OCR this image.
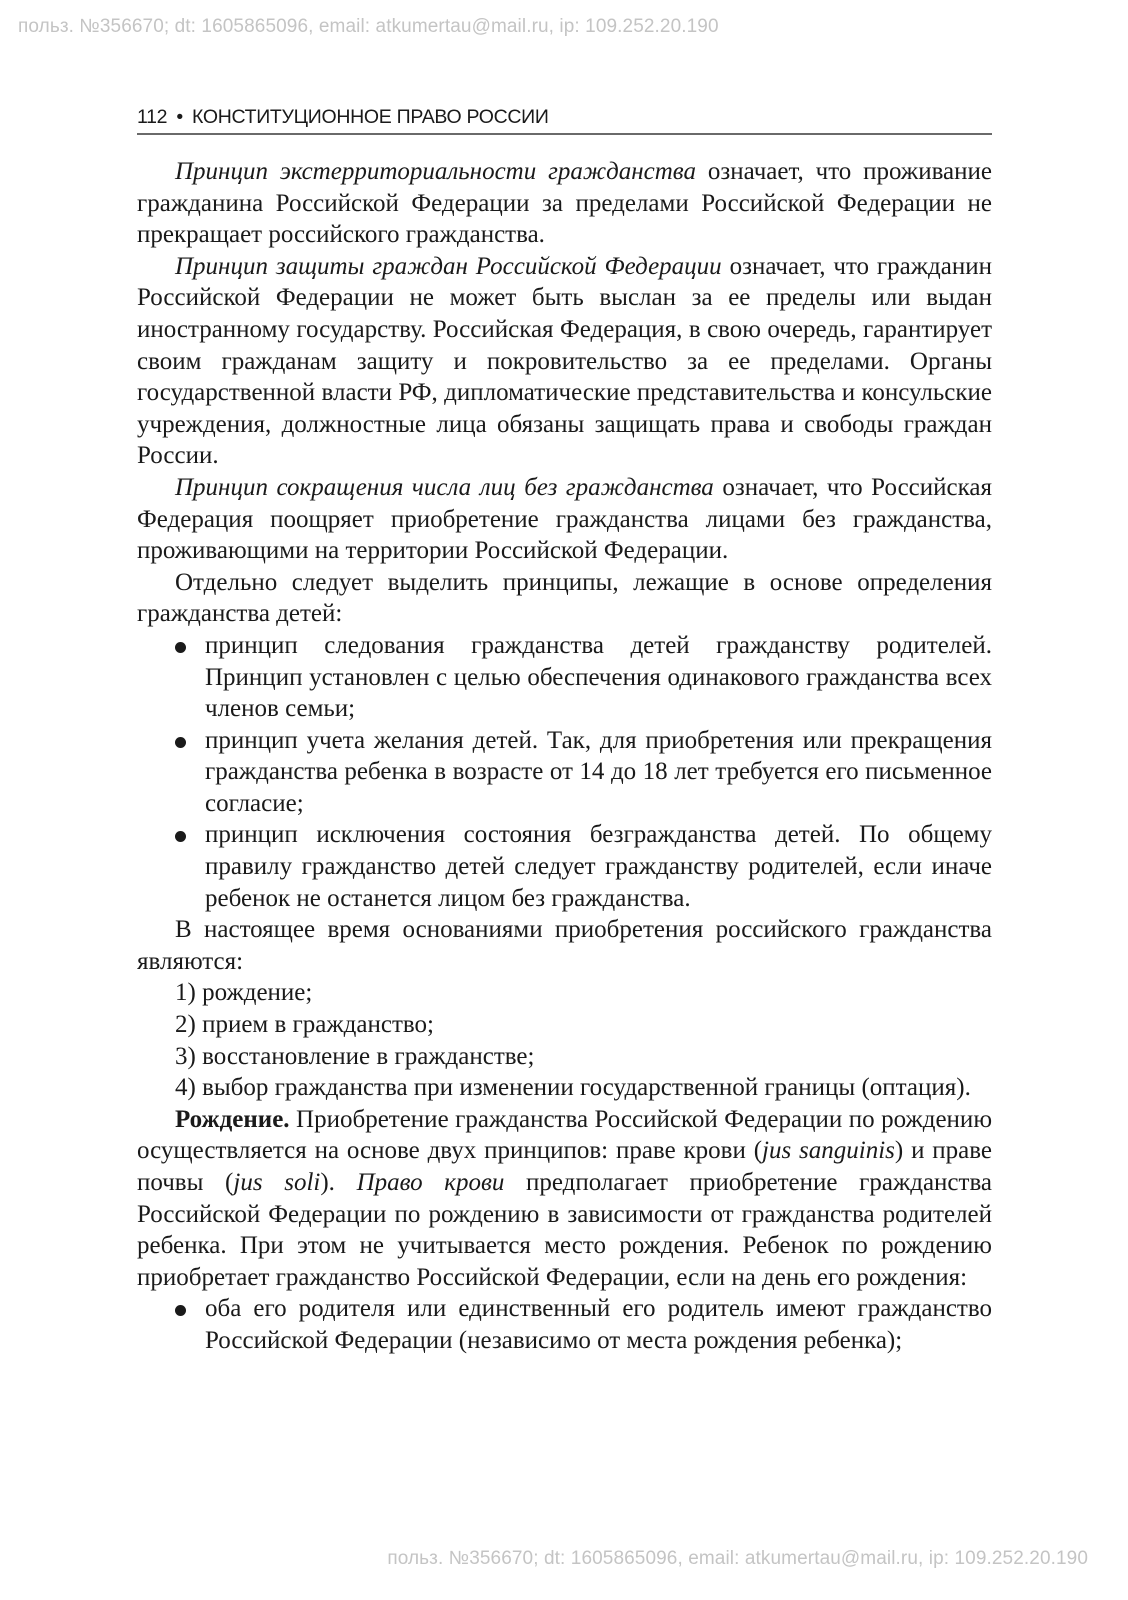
польз. №356670; dt: 1605865096, email: atkumertau@mail.ru, ip: 109.252.20.190
112 • КОНСТИТУЦИОННОЕ ПРАВО РОССИИ

Принцип экстерриториальности гражданства означает, что проживание гражданина Российской Федерации за пределами Российской Федерации не прекращает российского гражданства.

Принцип защиты граждан Российской Федерации означает, что гражданин Российской Федерации не может быть выслан за ее пределы или выдан иностранному государству. Российская Федерация, в свою очередь, гарантирует своим гражданам защиту и покровительство за ее пределами. Органы государственной власти РФ, дипломатические представительства и консульские учреждения, должностные лица обязаны защищать права и свободы граждан России.

Принцип сокращения числа лиц без гражданства означает, что Российская Федерация поощряет приобретение гражданства лицами без гражданства, проживающими на территории Российской Федерации.

Отдельно следует выделить принципы, лежащие в основе определения гражданства детей:

принцип следования гражданства детей гражданству родителей. Принцип установлен с целью обеспечения одинакового гражданства всех членов семьи;
принцип учета желания детей. Так, для приобретения или прекращения гражданства ребенка в возрасте от 14 до 18 лет требуется его письменное согласие;
принцип исключения состояния безгражданства детей. По общему правилу гражданство детей следует гражданству родителей, если иначе ребенок не останется лицом без гражданства.

В настоящее время основаниями приобретения российского гражданства являются:

1) рождение;

2) прием в гражданство;

3) восстановление в гражданстве;

4) выбор гражданства при изменении государственной границы (оптация).

Рождение. Приобретение гражданства Российской Федерации по рождению осуществляется на основе двух принципов: праве крови (jus sanguinis) и праве почвы (jus soli). Право крови предполагает приобретение гражданства Российской Федерации по рождению в зависимости от гражданства родителей ребенка. При этом не учитывается место рождения. Ребенок по рождению приобретает гражданство Российской Федерации, если на день его рождения:

оба его родителя или единственный его родитель имеют гражданство Российской Федерации (независимо от места рождения ребенка);
польз. №356670; dt: 1605865096, email: atkumertau@mail.ru, ip: 109.252.20.190
